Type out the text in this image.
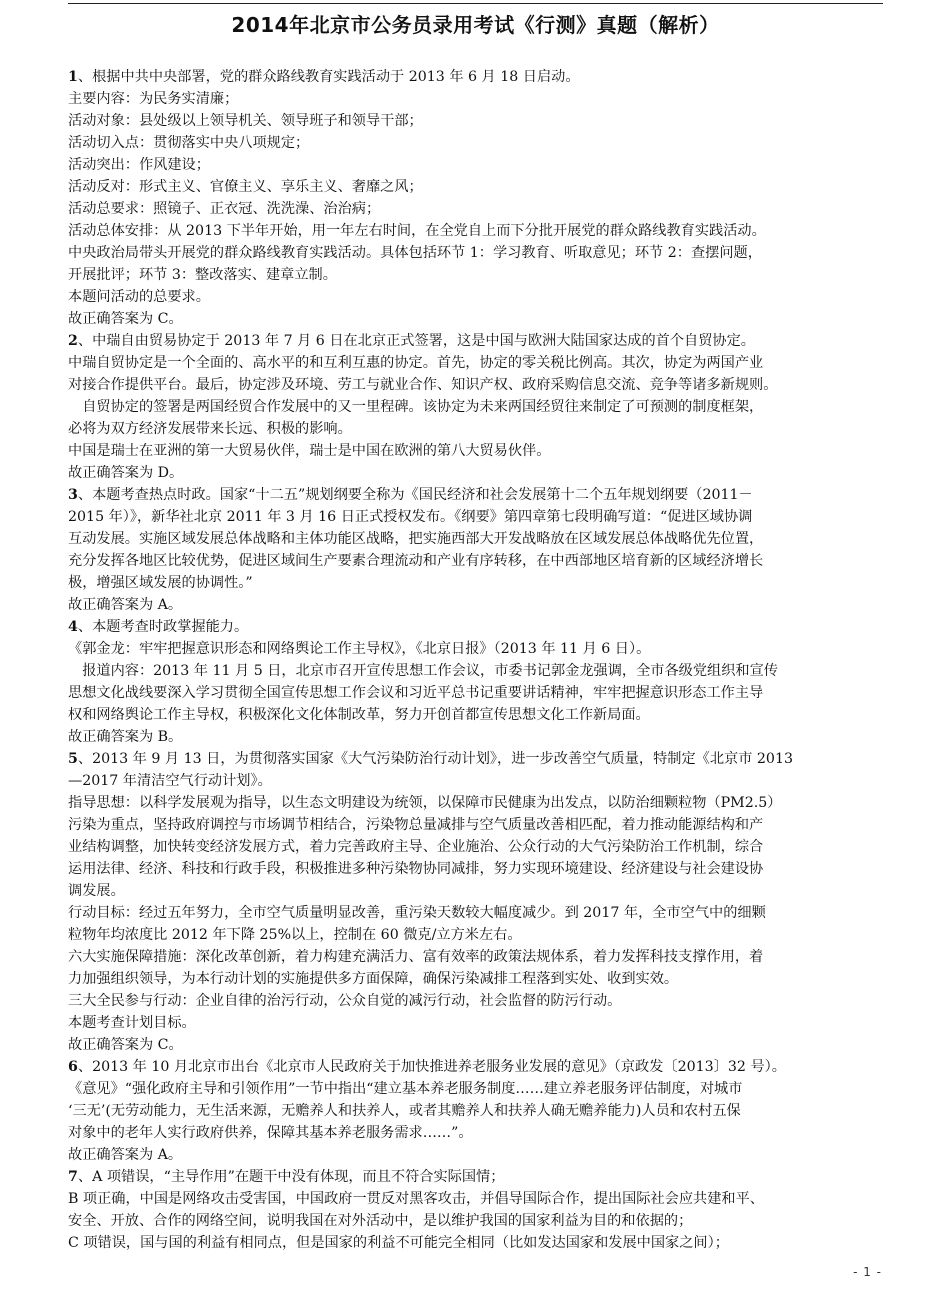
2014年北京市公务员录用考试《行测》真题（解析）
1、根据中共中央部署，党的群众路线教育实践活动于 2013 年 6 月 18 日启动。
主要内容：为民务实清廉；
活动对象：县处级以上领导机关、领导班子和领导干部；
活动切入点：贯彻落实中央八项规定；
活动突出：作风建设；
活动反对：形式主义、官僚主义、享乐主义、奢靡之风；
活动总要求：照镜子、正衣冠、洗洗澡、治治病；
活动总体安排：从 2013 下半年开始，用一年左右时间，在全党自上而下分批开展党的群众路线教育实践活动。
中央政治局带头开展党的群众路线教育实践活动。具体包括环节 1：学习教育、听取意见；环节 2：查摆问题，
开展批评；环节 3：整改落实、建章立制。
本题问活动的总要求。
故正确答案为 C。
2、中瑞自由贸易协定于 2013 年 7 月 6 日在北京正式签署，这是中国与欧洲大陆国家达成的首个自贸协定。
中瑞自贸协定是一个全面的、高水平的和互利互惠的协定。首先，协定的零关税比例高。其次，协定为两国产业
对接合作提供平台。最后，协定涉及环境、劳工与就业合作、知识产权、政府采购信息交流、竞争等诸多新规则。
　自贸协定的签署是两国经贸合作发展中的又一里程碑。该协定为未来两国经贸往来制定了可预测的制度框架，
必将为双方经济发展带来长远、积极的影响。
中国是瑞士在亚洲的第一大贸易伙伴，瑞士是中国在欧洲的第八大贸易伙伴。
故正确答案为 D。
3、本题考查热点时政。国家“十二五”规划纲要全称为《国民经济和社会发展第十二个五年规划纲要（2011－
2015 年）》，新华社北京 2011 年 3 月 16 日正式授权发布。《纲要》第四章第七段明确写道：“促进区域协调
互动发展。实施区域发展总体战略和主体功能区战略，把实施西部大开发战略放在区域发展总体战略优先位置，
充分发挥各地区比较优势，促进区域间生产要素合理流动和产业有序转移，在中西部地区培育新的区域经济增长
极，增强区域发展的协调性。”
故正确答案为 A。
4、本题考查时政掌握能力。
《郭金龙：牢牢把握意识形态和网络舆论工作主导权》，《北京日报》（2013 年 11 月 6 日）。
　报道内容：2013 年 11 月 5 日，北京市召开宣传思想工作会议，市委书记郭金龙强调，全市各级党组织和宣传
思想文化战线要深入学习贯彻全国宣传思想工作会议和习近平总书记重要讲话精神，牢牢把握意识形态工作主导
权和网络舆论工作主导权，积极深化文化体制改革，努力开创首都宣传思想文化工作新局面。
故正确答案为 B。
5、2013 年 9 月 13 日，为贯彻落实国家《大气污染防治行动计划》，进一步改善空气质量，特制定《北京市 2013
—2017 年清洁空气行动计划》。
指导思想：以科学发展观为指导，以生态文明建设为统领，以保障市民健康为出发点，以防治细颗粒物（PM2.5）
污染为重点，坚持政府调控与市场调节相结合，污染物总量减排与空气质量改善相匹配，着力推动能源结构和产
业结构调整，加快转变经济发展方式，着力完善政府主导、企业施治、公众行动的大气污染防治工作机制，综合
运用法律、经济、科技和行政手段，积极推进多种污染物协同减排，努力实现环境建设、经济建设与社会建设协
调发展。
行动目标：经过五年努力，全市空气质量明显改善，重污染天数较大幅度减少。到 2017 年，全市空气中的细颗
粒物年均浓度比 2012 年下降 25%以上，控制在 60 微克/立方米左右。
六大实施保障措施：深化改革创新，着力构建充满活力、富有效率的政策法规体系，着力发挥科技支撑作用，着
力加强组织领导，为本行动计划的实施提供多方面保障，确保污染减排工程落到实处、收到实效。
三大全民参与行动：企业自律的治污行动，公众自觉的减污行动，社会监督的防污行动。
本题考查计划目标。
故正确答案为 C。
6、2013 年 10 月北京市出台《北京市人民政府关于加快推进养老服务业发展的意见》（京政发〔2013〕32 号）。
《意见》“强化政府主导和引领作用”一节中指出“建立基本养老服务制度……建立养老服务评估制度，对城市
‘三无’(无劳动能力，无生活来源，无赡养人和扶养人，或者其赡养人和扶养人确无赡养能力)人员和农村五保
对象中的老年人实行政府供养，保障其基本养老服务需求……”。
故正确答案为 A。
7、A 项错误，“主导作用”在题干中没有体现，而且不符合实际国情；
B 项正确，中国是网络攻击受害国，中国政府一贯反对黑客攻击，并倡导国际合作，提出国际社会应共建和平、
安全、开放、合作的网络空间，说明我国在对外活动中，是以维护我国的国家利益为目的和依据的；
C 项错误，国与国的利益有相同点，但是国家的利益不可能完全相同（比如发达国家和发展中国家之间）；
- 1 -
